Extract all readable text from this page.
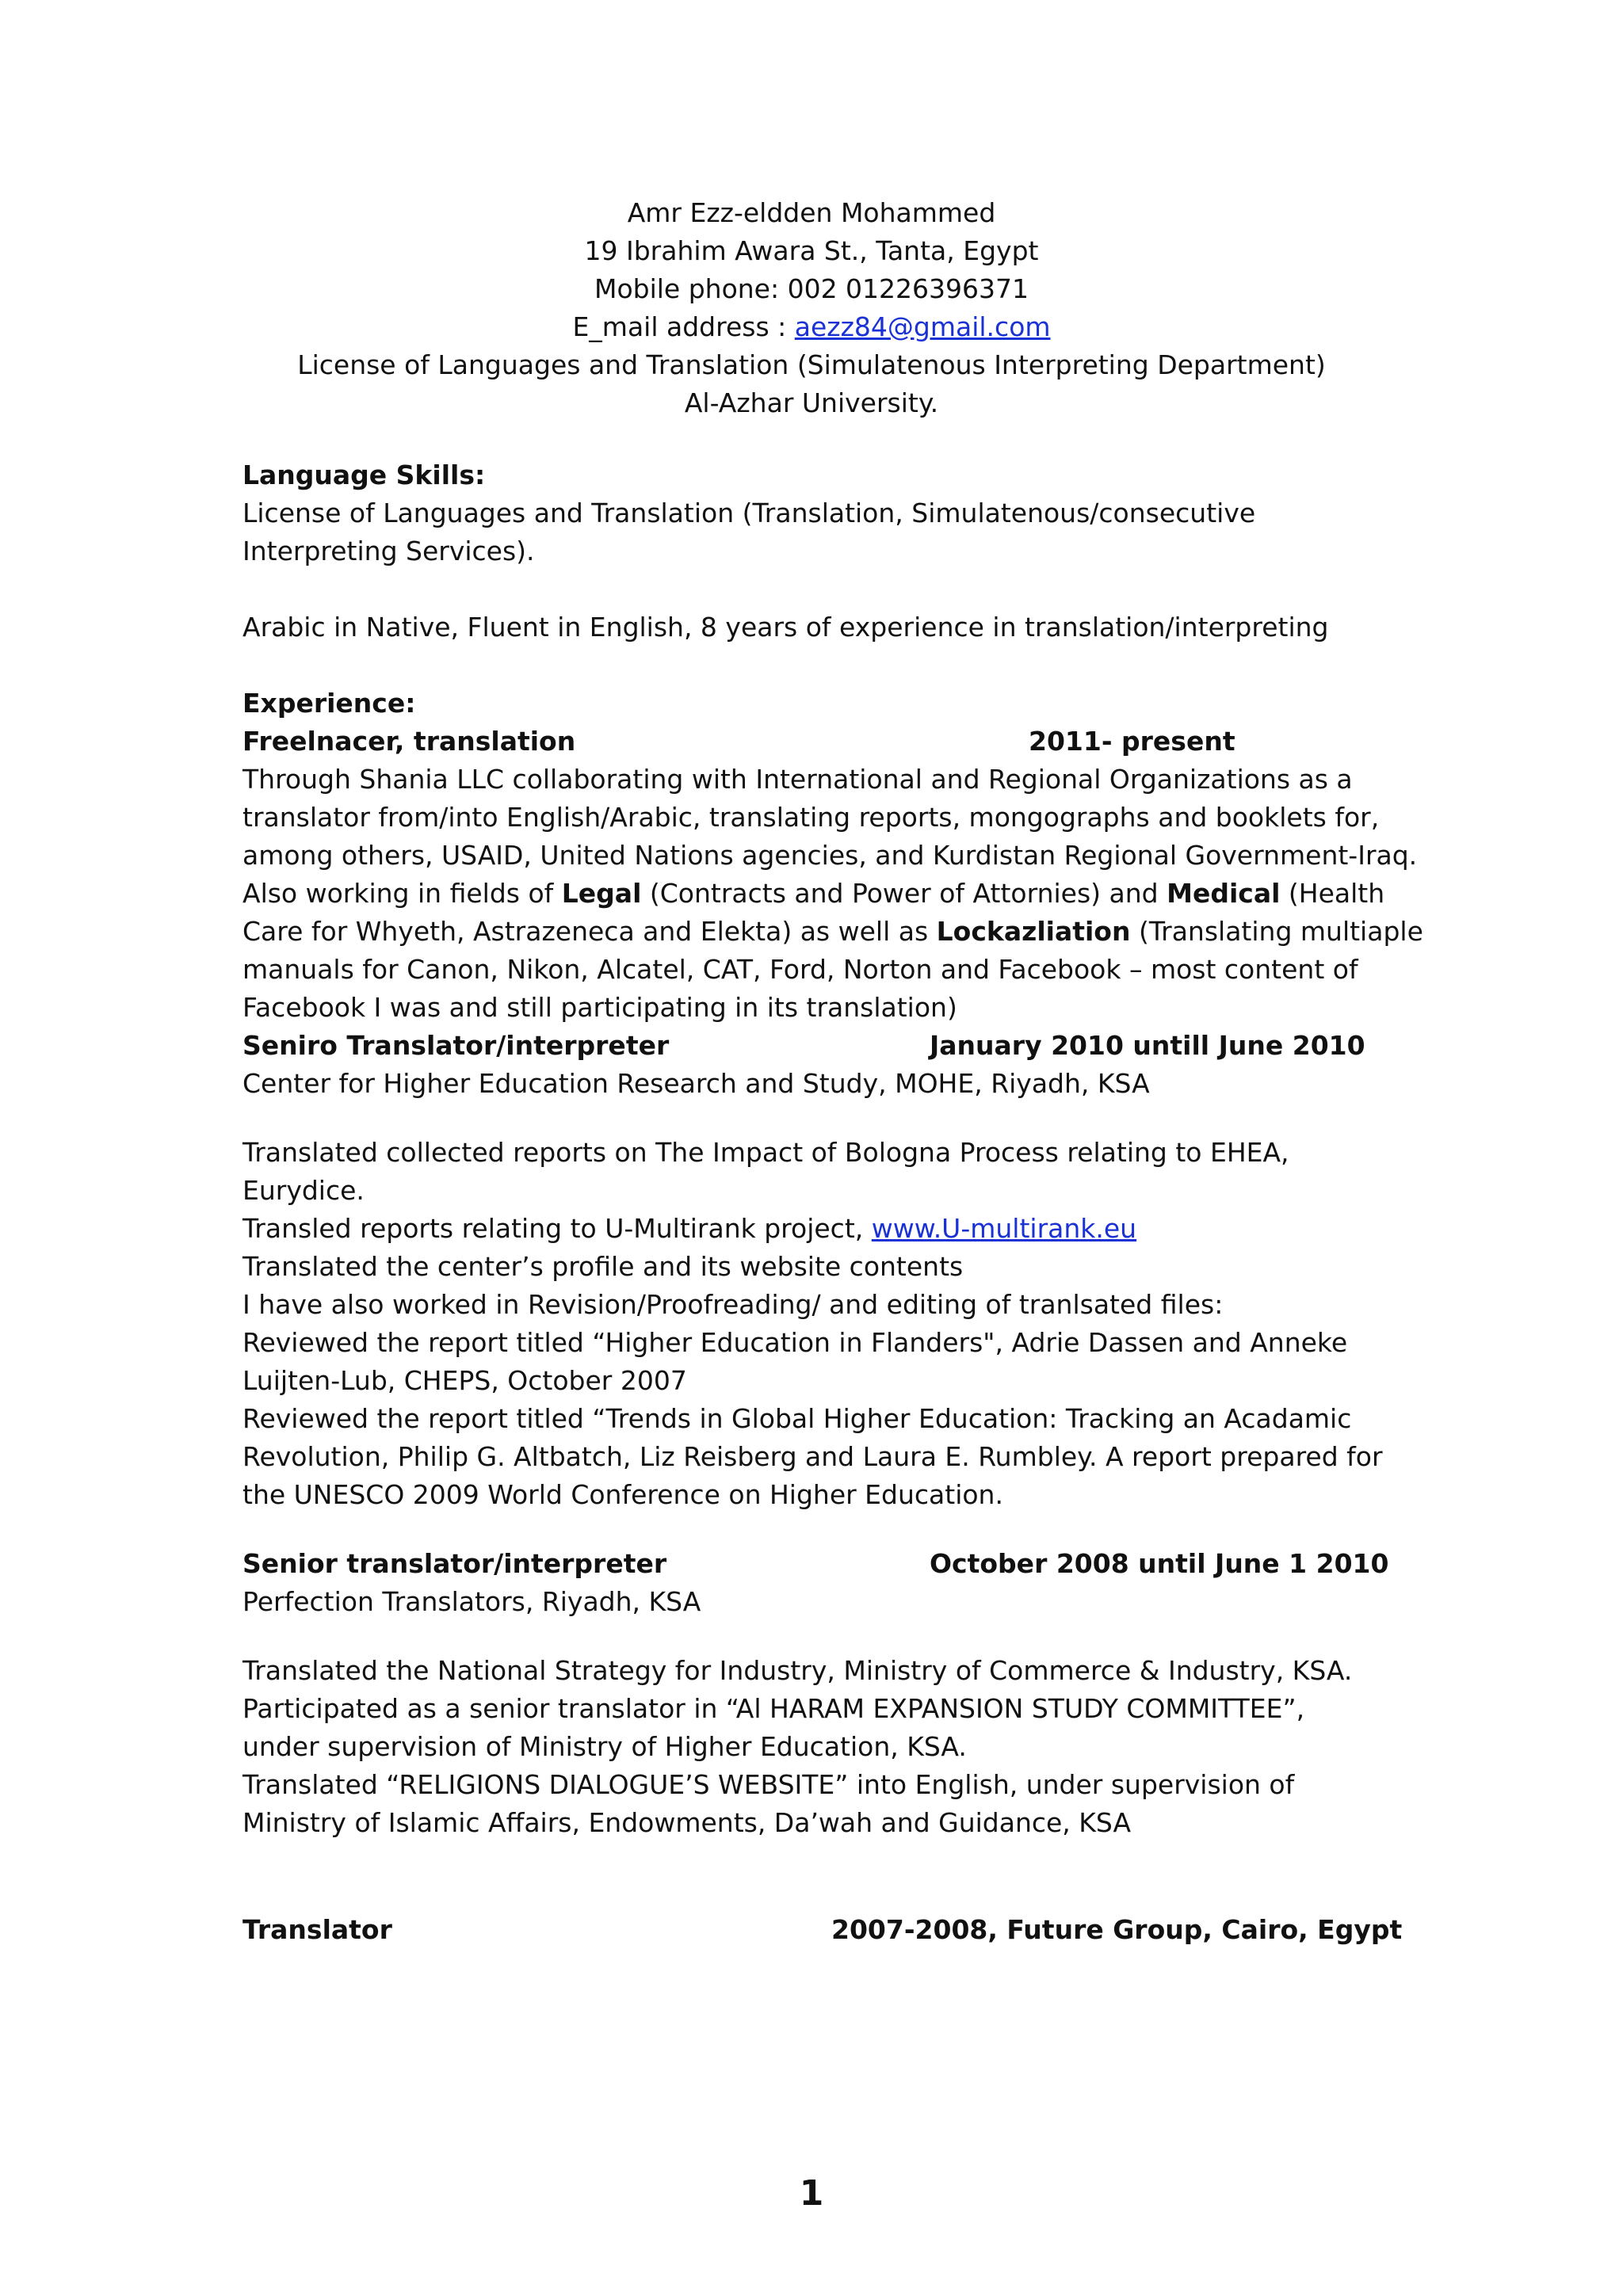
Amr Ezz-eldden Mohammed
19 Ibrahim Awara St., Tanta, Egypt
Mobile phone: 002 01226396371
E_mail address : aezz84@gmail.com
License of Languages and Translation (Simulatenous Interpreting Department)
Al-Azhar University.
Language Skills:
License of Languages and Translation (Translation, Simulatenous/consecutive
Interpreting Services).
Arabic in Native, Fluent in English, 8 years of experience in translation/interpreting
Experience:
Freelnacer, translation	2011- present
Through Shania LLC collaborating with International and Regional Organizations as a
translator from/into English/Arabic, translating reports, mongographs and booklets for,
among others, USAID, United Nations agencies, and Kurdistan Regional Government-Iraq.
Also working in fields of Legal (Contracts and Power of Attornies) and Medical (Health
Care for Whyeth, Astrazeneca and Elekta) as well as Lockazliation (Translating multiaple
manuals for Canon, Nikon, Alcatel, CAT, Ford, Norton and Facebook – most content of
Facebook I was and still participating in its translation)
Seniro Translator/interpreter	January 2010 untill June 2010
Center for Higher Education Research and Study, MOHE, Riyadh, KSA
Translated collected reports on The Impact of Bologna Process relating to EHEA,
Eurydice.
Transled reports relating to U-Multirank project, www.U-multirank.eu
Translated the center’s profile and its website contents
I have also worked in Revision/Proofreading/ and editing of tranlsated files:
Reviewed the report titled “Higher Education in Flanders", Adrie Dassen and Anneke
Luijten-Lub, CHEPS, October 2007
Reviewed the report titled “Trends in Global Higher Education: Tracking an Acadamic
Revolution, Philip G. Altbatch, Liz Reisberg and Laura E. Rumbley. A report prepared for
the UNESCO 2009 World Conference on Higher Education.
Senior translator/interpreter	October 2008 until June 1 2010
Perfection Translators, Riyadh, KSA
Translated the National Strategy for Industry, Ministry of Commerce & Industry, KSA.
Participated as a senior translator in “Al HARAM EXPANSION STUDY COMMITTEE”,
under supervision of Ministry of Higher Education, KSA.
Translated “RELIGIONS DIALOGUE’S WEBSITE” into English, under supervision of
Ministry of Islamic Affairs, Endowments, Da’wah and Guidance, KSA
Translator	2007-2008, Future Group, Cairo, Egypt
1
